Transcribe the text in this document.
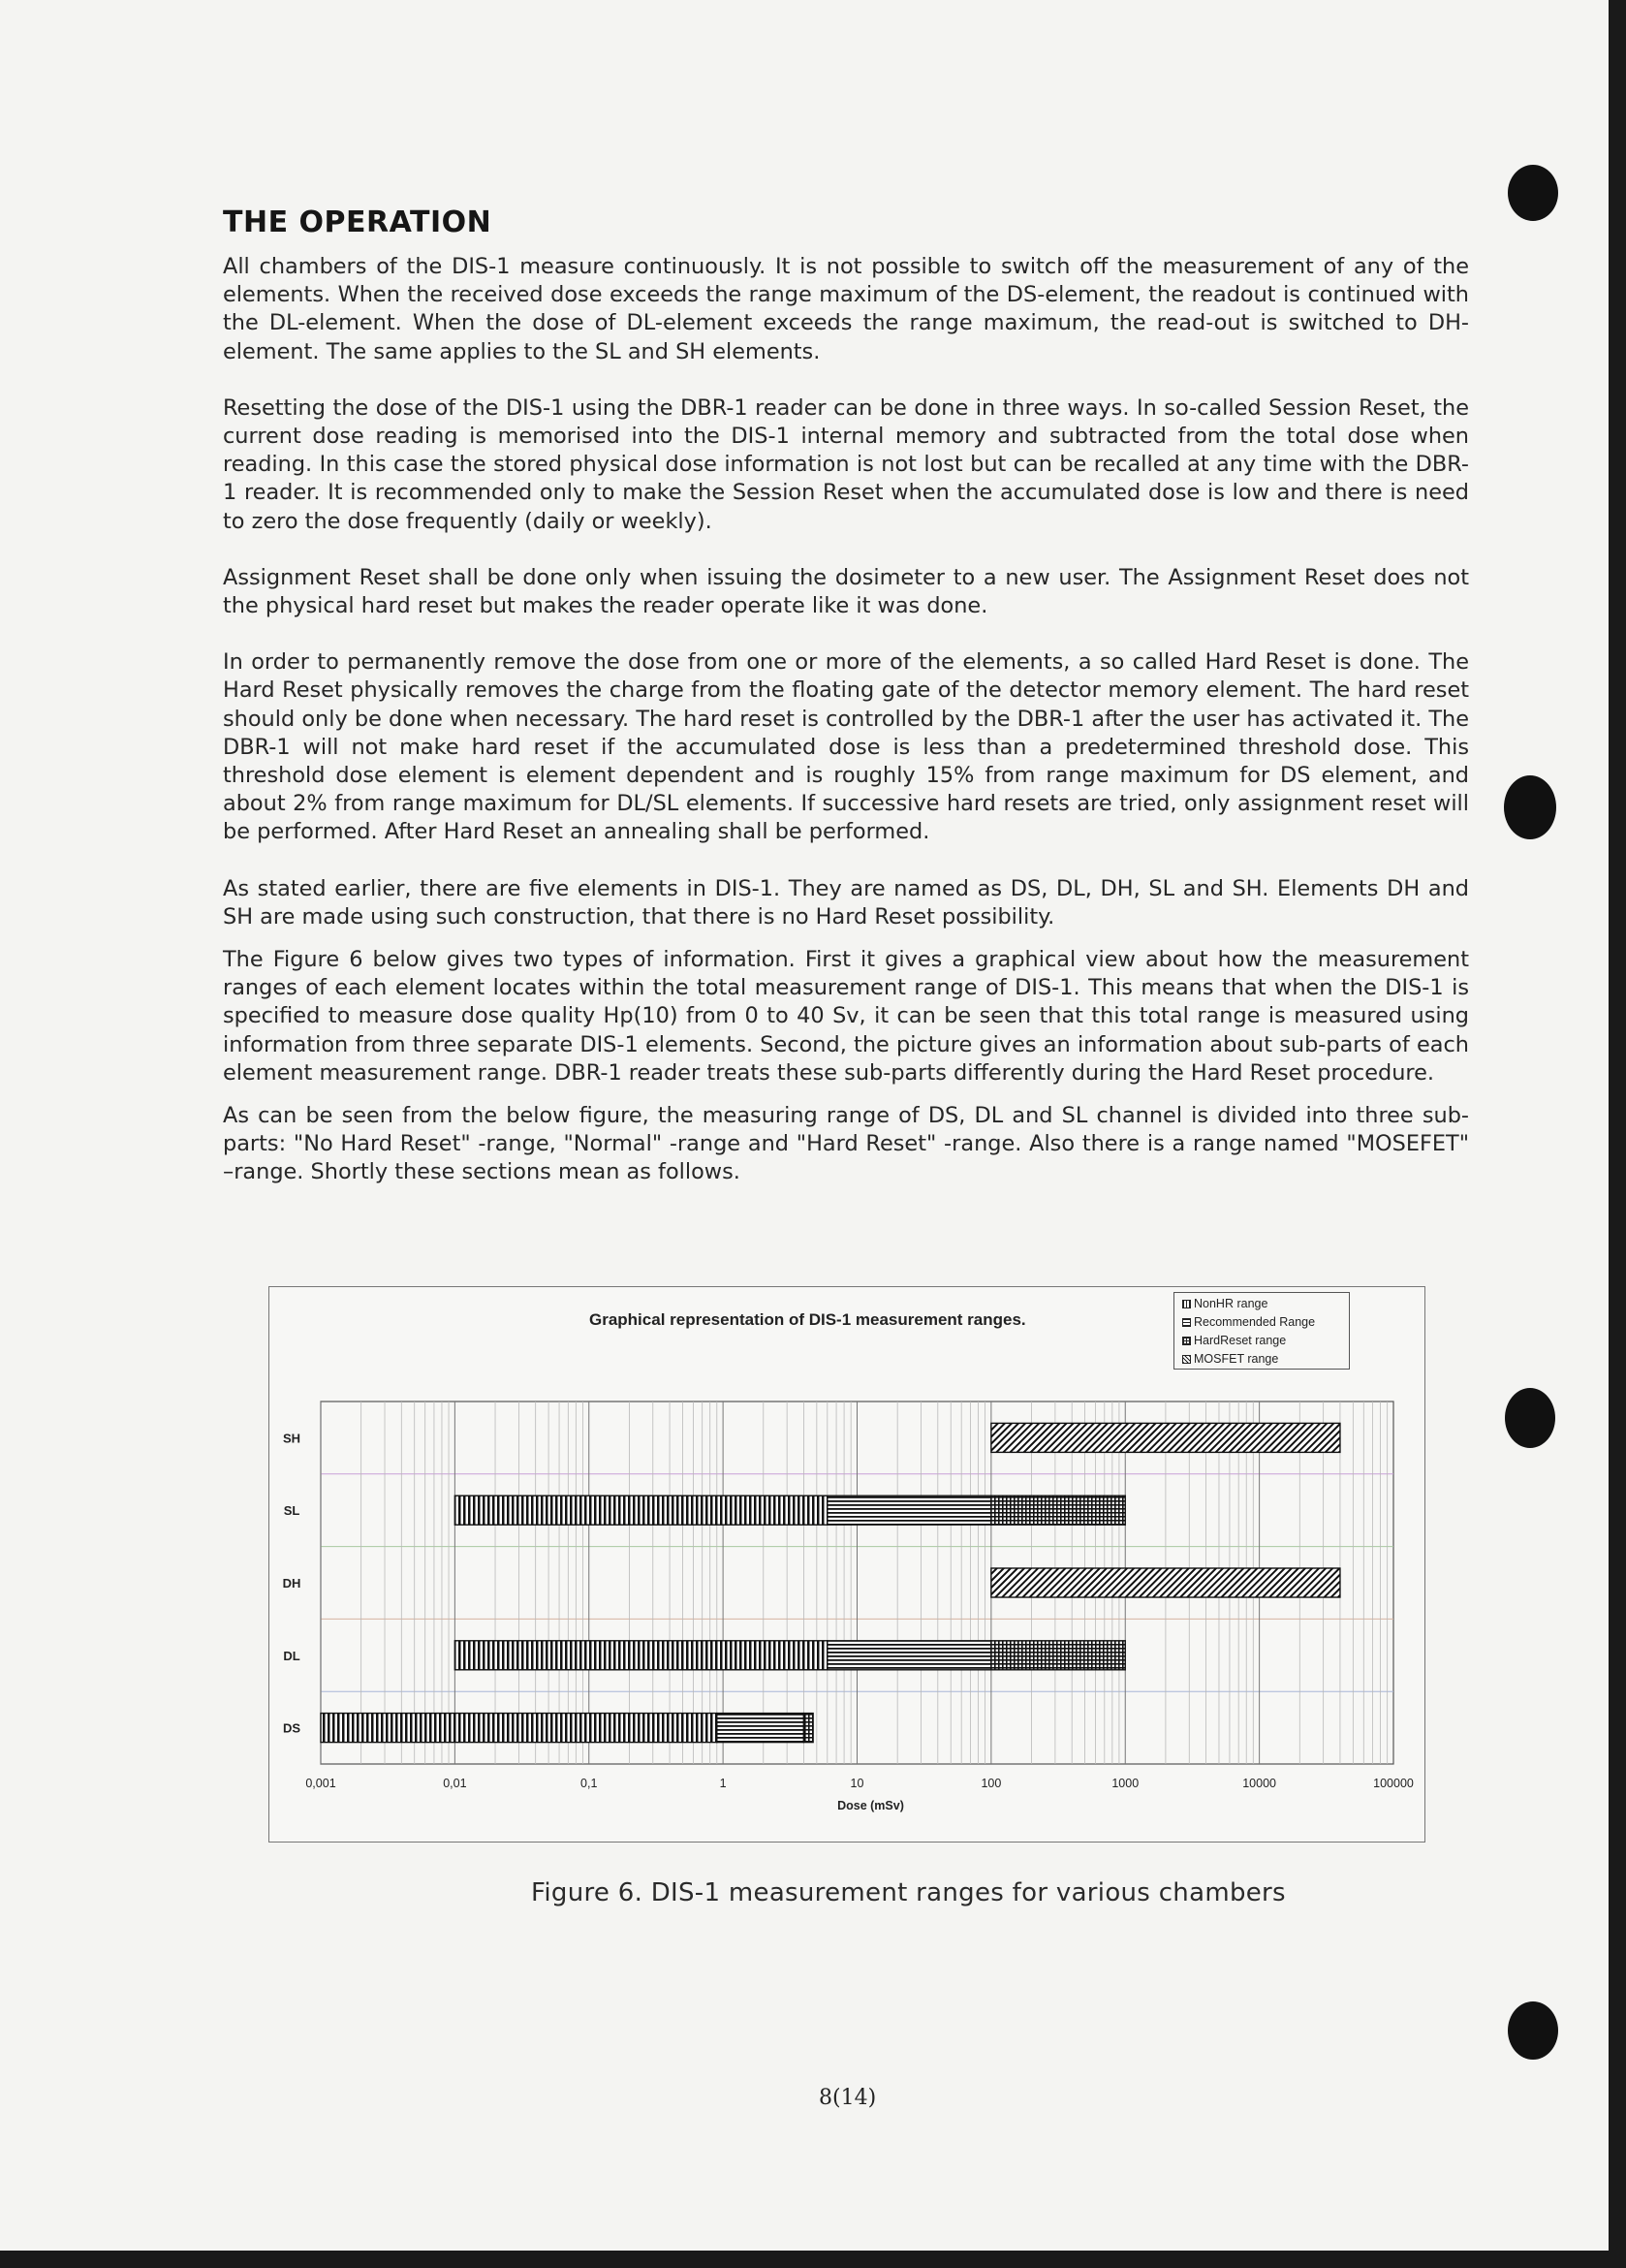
THE OPERATION

All chambers of the DIS-1 measure continuously. It is not possible to switch off the measurement of any of the elements. When the received dose exceeds the range maximum of the DS-element, the readout is continued with the DL-element. When the dose of DL-element exceeds the range maximum, the read-out is switched to DH-element. The same applies to the SL and SH elements.

Resetting the dose of the DIS-1 using the DBR-1 reader can be done in three ways. In so-called Session Reset, the current dose reading is memorised into the DIS-1 internal memory and subtracted from the total dose when reading. In this case the stored physical dose information is not lost but can be recalled at any time with the DBR-1 reader. It is recommended only to make the Session Reset when the accumulated dose is low and there is need to zero the dose frequently (daily or weekly).

Assignment Reset shall be done only when issuing the dosimeter to a new user. The Assignment Reset does not the physical hard reset but makes the reader operate like it was done.

In order to permanently remove the dose from one or more of the elements, a so called Hard Reset is done. The Hard Reset physically removes the charge from the floating gate of the detector memory element. The hard reset should only be done when necessary. The hard reset is controlled by the DBR-1 after the user has activated it. The DBR-1 will not make hard reset if the accumulated dose is less than a predetermined threshold dose. This threshold dose element is element dependent and is roughly 15% from range maximum for DS element, and about 2% from range maximum for DL/SL elements. If successive hard resets are tried, only assignment reset will be performed. After Hard Reset an annealing shall be performed.

As stated earlier, there are five elements in DIS-1. They are named as DS, DL, DH, SL and SH. Elements DH and SH are made using such construction, that there is no Hard Reset possibility.

The Figure 6 below gives two types of information. First it gives a graphical view about how the measurement ranges of each element locates within the total measurement range of DIS-1. This means that when the DIS-1 is specified to measure dose quality Hp(10) from 0 to 40 Sv, it can be seen that this total range is measured using information from three separate DIS-1 elements. Second, the picture gives an information about sub-parts of each element measurement range. DBR-1 reader treats these sub-parts differently during the Hard Reset procedure.

As can be seen from the below figure, the measuring range of DS, DL and SL channel is divided into three sub-parts: "No Hard Reset" -range, "Normal" -range and "Hard Reset" -range. Also there is a range named "MOSEFET" –range. Shortly these sections mean as follows.

Graphical representation of DIS-1 measurement ranges.
NonHR range
Recommended Range
HardReset range
MOSFET range
SH
SL
DH
DL
DS
0,001	0,01	0,1	1	10	100	1000	10000	100000
Dose (mSv)
Figure 6. DIS-1 measurement ranges for various chambers
8(14)
